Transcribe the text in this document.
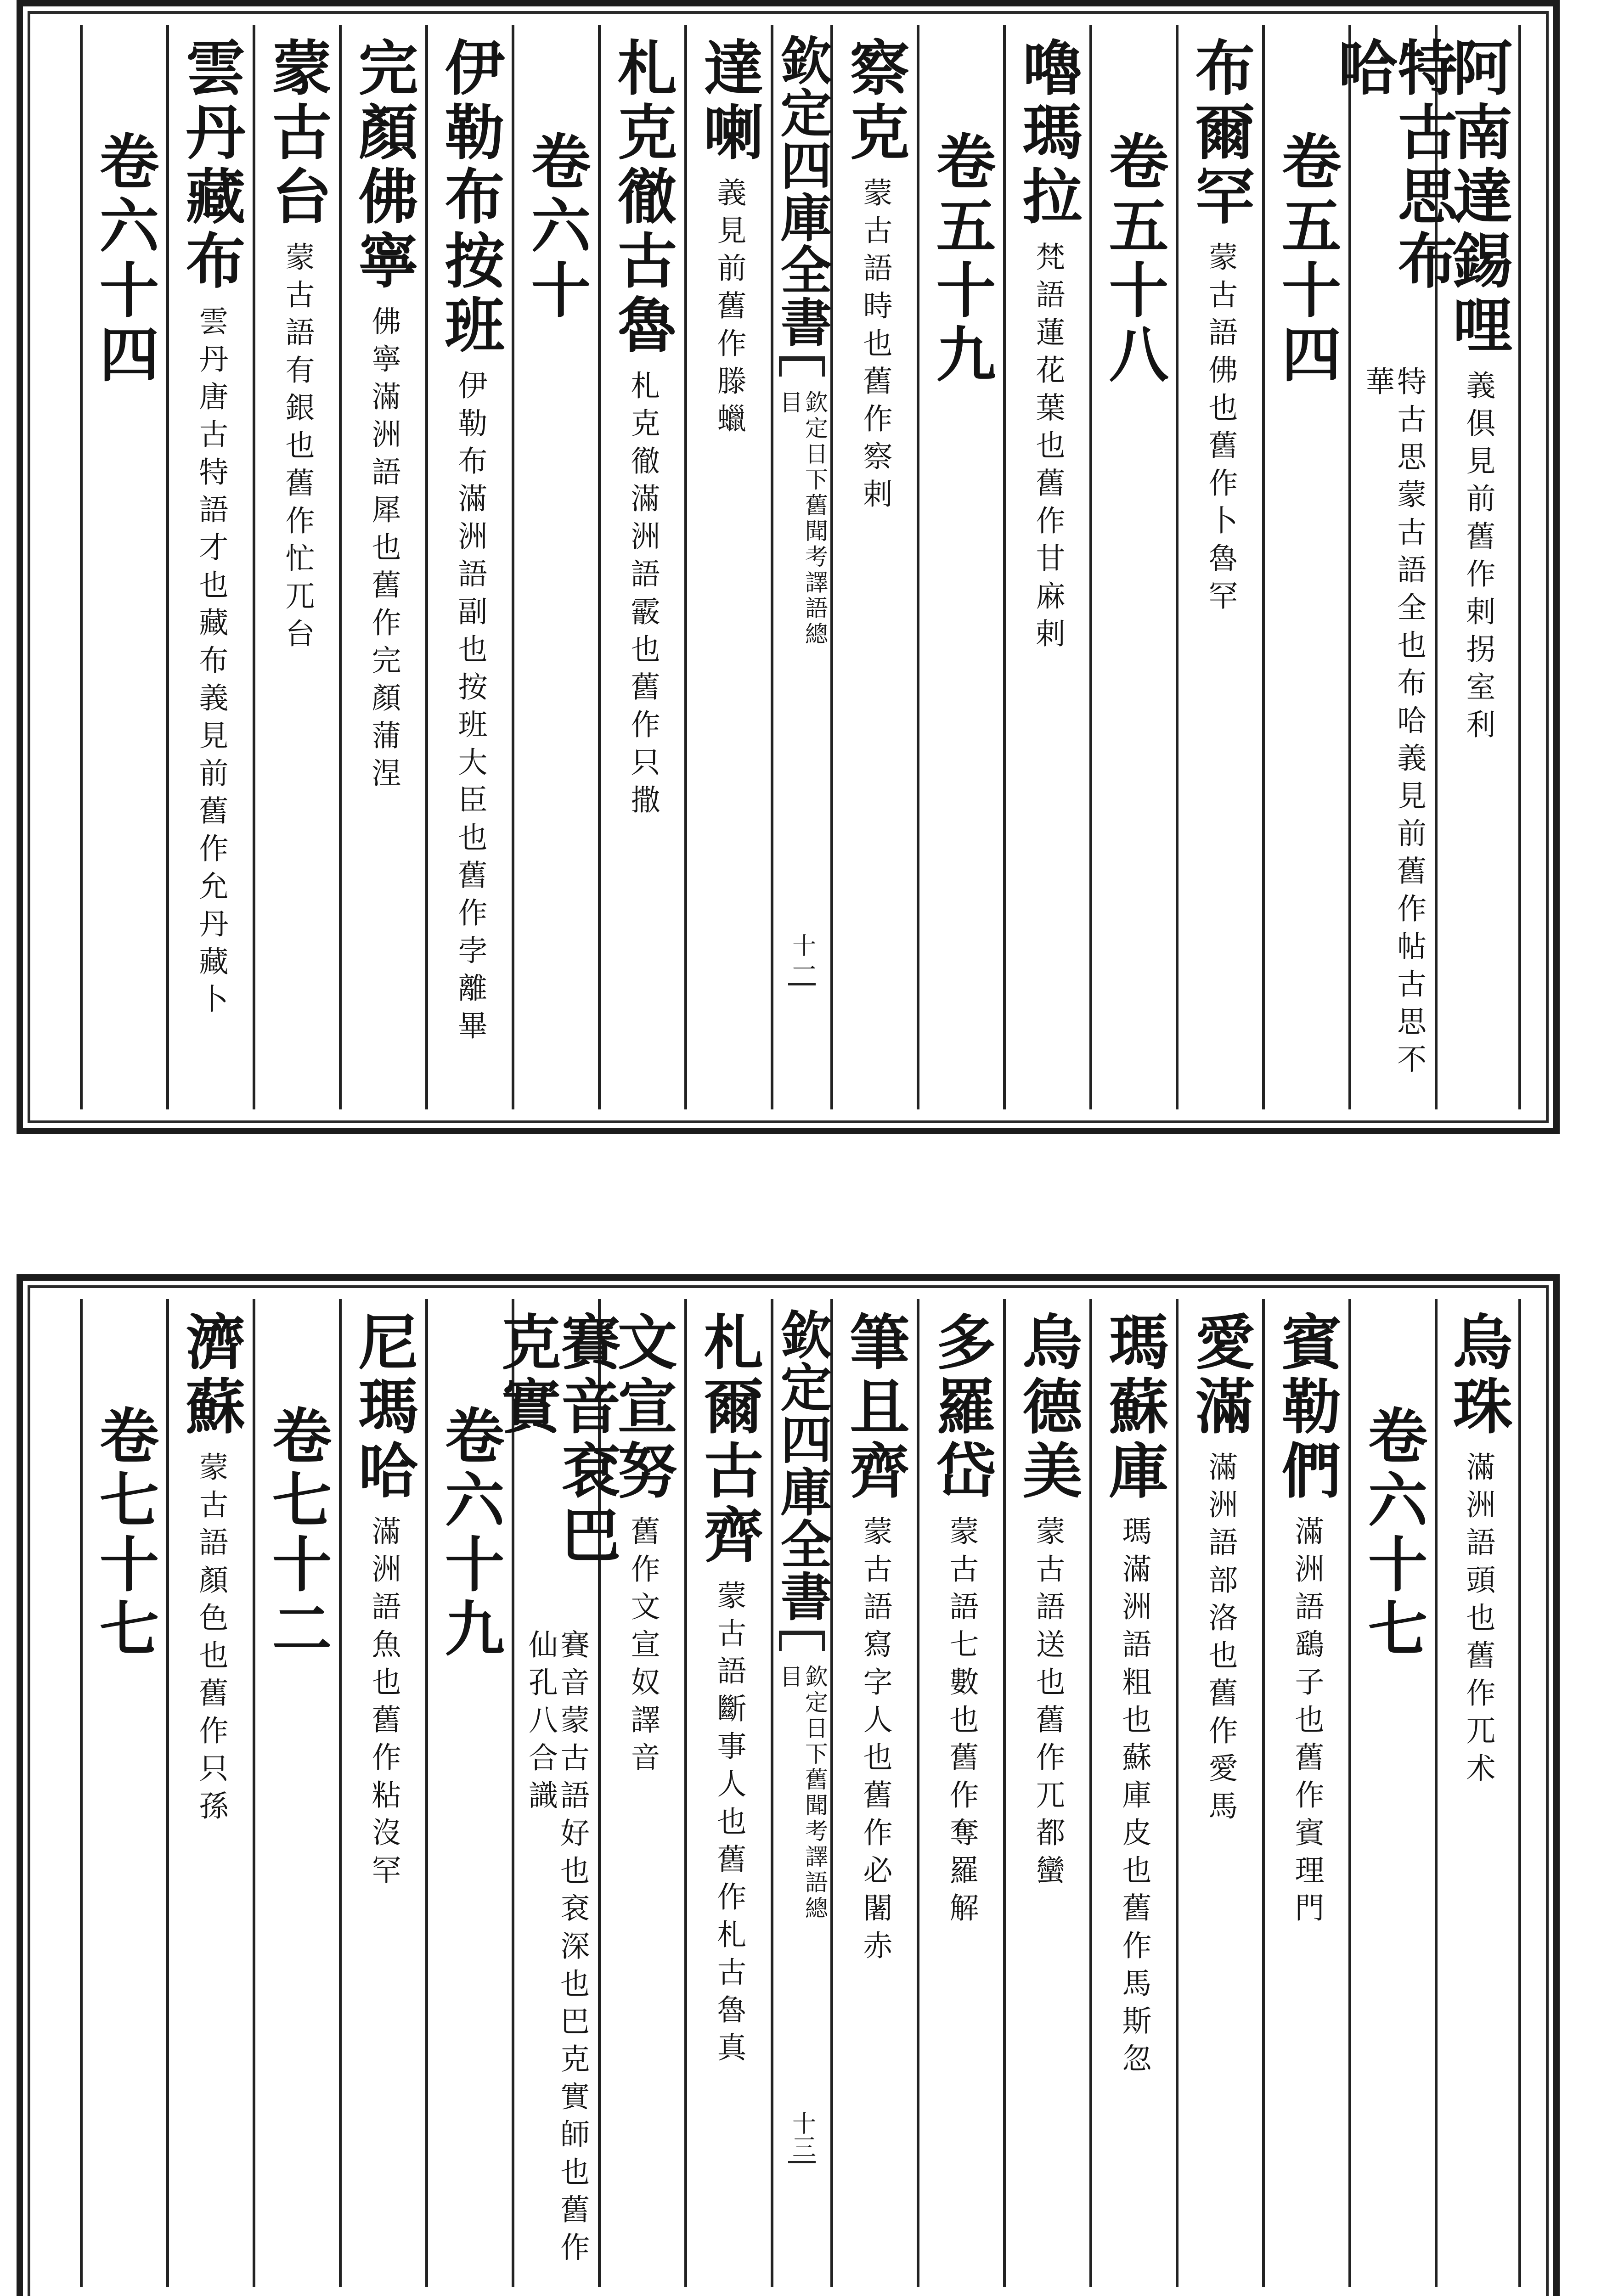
阿南達錫哩
義俱見前舊作剌拐室利
特古思布哈
特古思蒙古語全也布哈義見前舊作帖古思不華
卷五十四
布爾罕
蒙古語佛也舊作卜魯罕
卷五十八
嚕瑪拉
梵語蓮花葉也舊作甘麻剌
卷五十九
察克
蒙古語時也舊作察剌
欽定四庫全書
欽定日下舊聞考譯語總目
十一
達喇
義見前舊作滕蠟
札克徹古魯
札克徹滿洲語霰也舊作只撒
卷六十
伊勒布按班
伊勒布滿洲語副也按班大臣也舊作孛離畢
完顏佛寧
佛寧滿洲語犀也舊作完顏蒲涅
蒙古台
蒙古語有銀也舊作忙兀台
雲丹藏布
雲丹唐古特語才也藏布義見前舊作允丹藏卜
卷六十四
烏珠
滿洲語頭也舊作兀术
卷六十七
賓勒們
滿洲語鷂子也舊作賓理門
愛滿
滿洲語部洛也舊作愛馬
瑪蘇庫
瑪滿洲語粗也蘇庫皮也舊作馬斯忽
烏德美
蒙古語送也舊作兀都蠻
多羅岱
蒙古語七數也舊作奪羅解
筆且齊
蒙古語寫字人也舊作必闍赤
欽定四庫全書
欽定日下舊聞考譯語總目
十三
札爾古齊
蒙古語斷事人也舊作札古魯真
文宣努
舊作文宣奴譯音
賽音袞巴克實
賽音蒙古語好也袞深也巴克實師也舊作仙孔八合識
卷六十九
尼瑪哈
滿洲語魚也舊作粘沒罕
卷七十二
濟蘇
蒙古語顏色也舊作只孫
卷七十七
